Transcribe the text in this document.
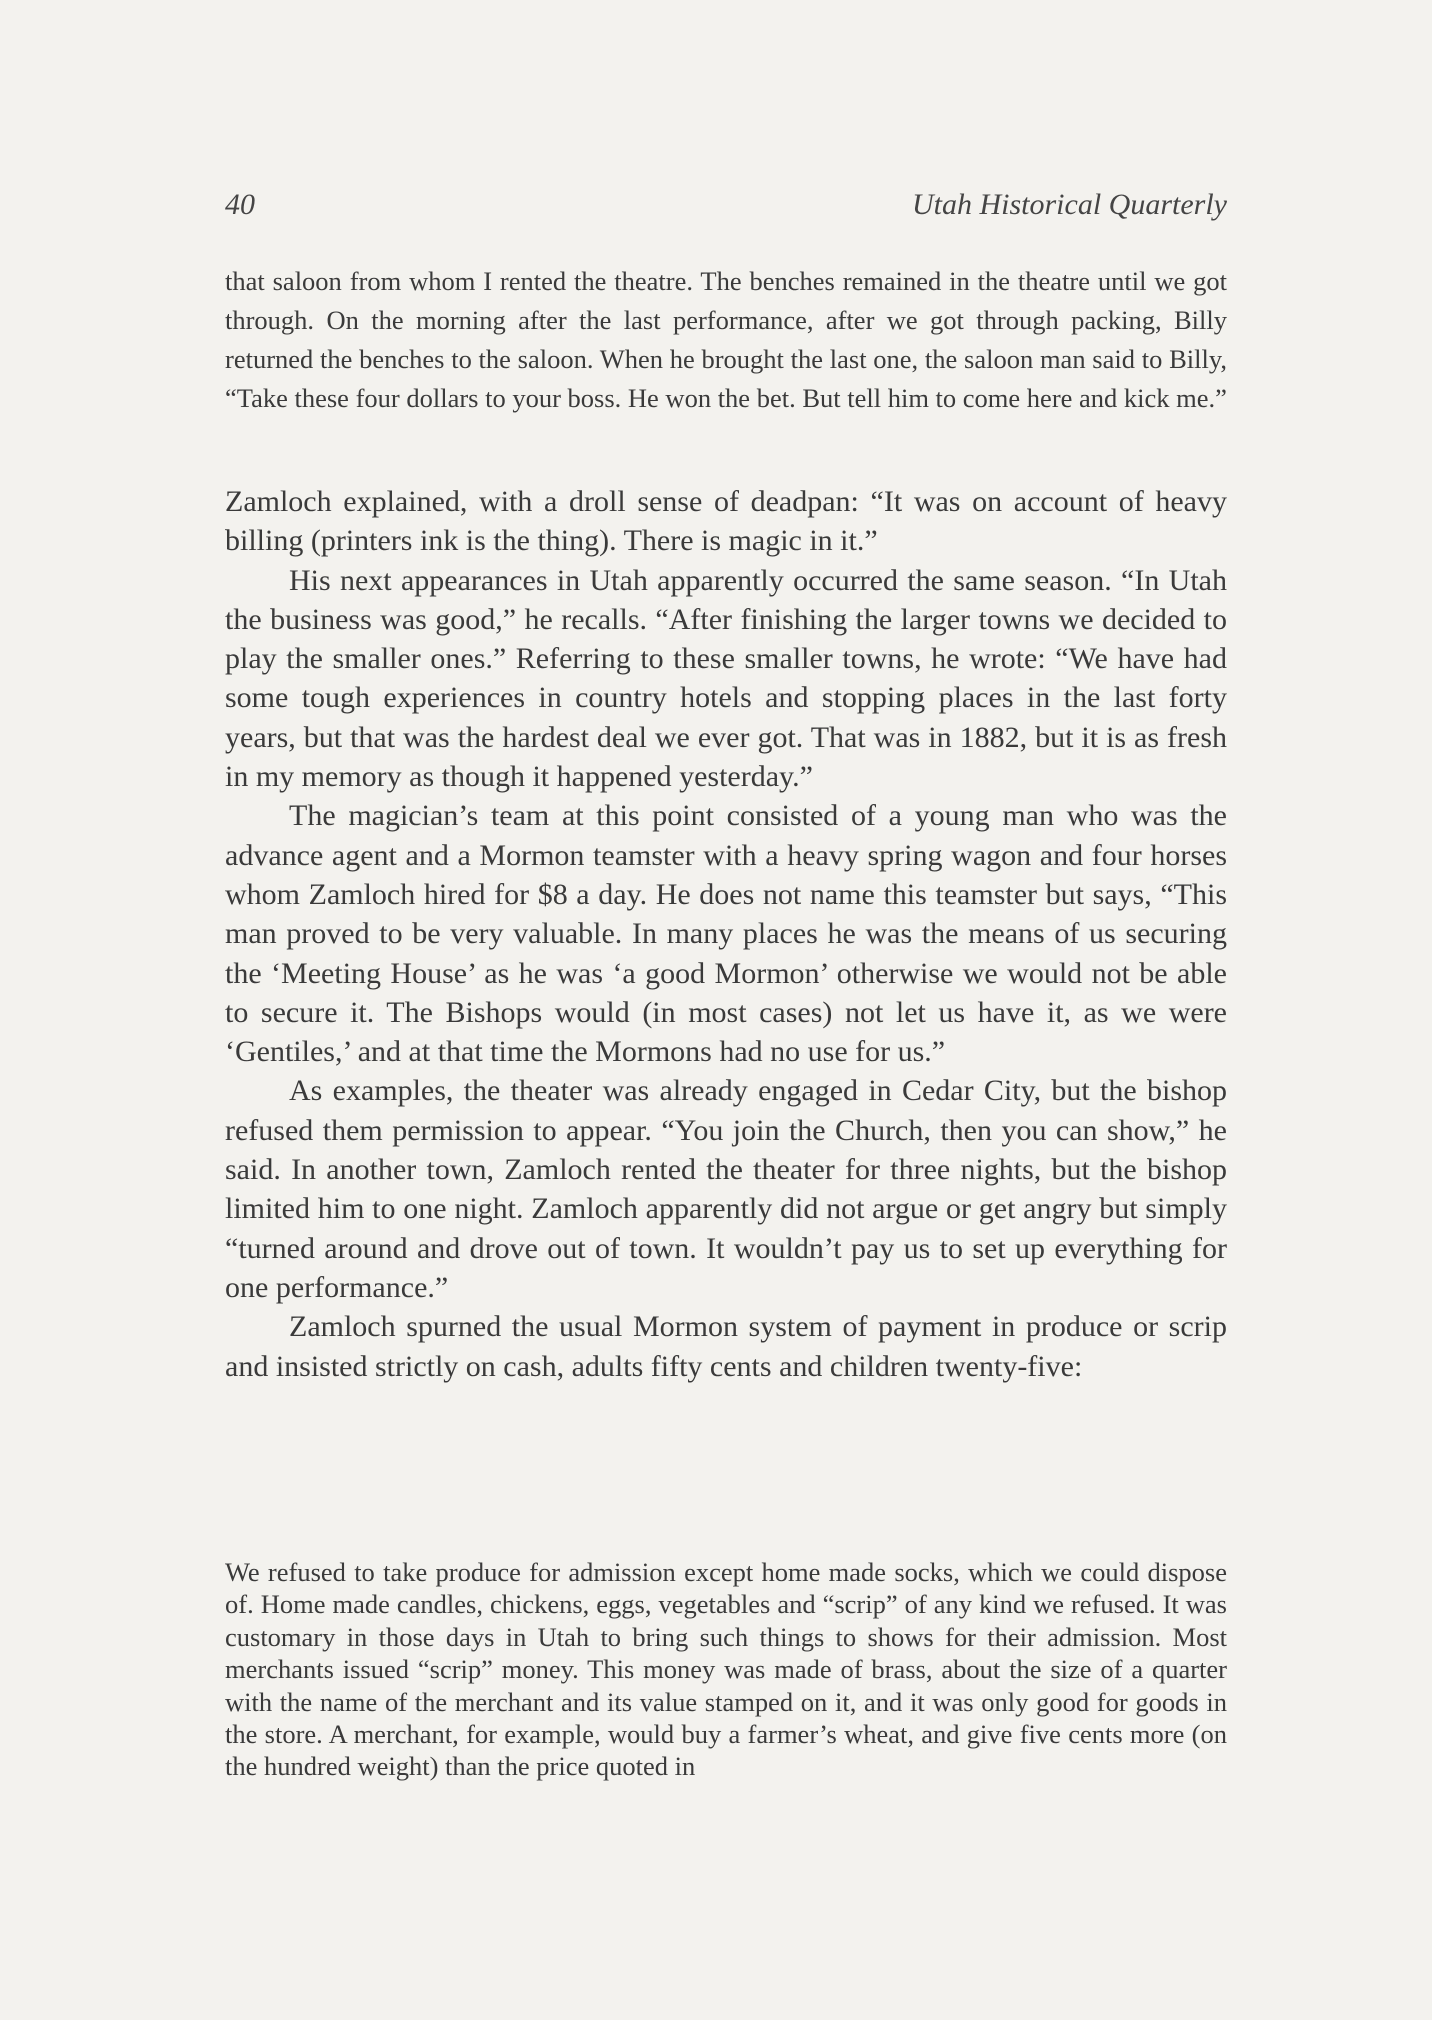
40	Utah Historical Quarterly

that saloon from whom I rented the theatre. The benches remained in the theatre until we got through. On the morning after the last performance, after we got through packing, Billy returned the benches to the saloon. When he brought the last one, the saloon man said to Billy, “Take these four dollars to your boss. He won the bet. But tell him to come here and kick me.”

Zamloch explained, with a droll sense of deadpan: “It was on account of heavy billing (printers ink is the thing). There is magic in it.”

His next appearances in Utah apparently occurred the same season. “In Utah the business was good,” he recalls. “After finishing the larger towns we decided to play the smaller ones.” Referring to these smaller towns, he wrote: “We have had some tough experiences in country hotels and stopping places in the last forty years, but that was the hardest deal we ever got. That was in 1882, but it is as fresh in my memory as though it happened yesterday.”

The magician’s team at this point consisted of a young man who was the advance agent and a Mormon teamster with a heavy spring wagon and four horses whom Zamloch hired for $8 a day. He does not name this teamster but says, “This man proved to be very valuable. In many places he was the means of us securing the ‘Meeting House’ as he was ‘a good Mormon’ otherwise we would not be able to secure it. The Bishops would (in most cases) not let us have it, as we were ‘Gentiles,’ and at that time the Mormons had no use for us.”

As examples, the theater was already engaged in Cedar City, but the bishop refused them permission to appear. “You join the Church, then you can show,” he said. In another town, Zamloch rented the theater for three nights, but the bishop limited him to one night. Zamloch apparently did not argue or get angry but simply “turned around and drove out of town. It wouldn’t pay us to set up everything for one performance.”

Zamloch spurned the usual Mormon system of payment in produce or scrip and insisted strictly on cash, adults fifty cents and children twenty-five:

We refused to take produce for admission except home made socks, which we could dispose of. Home made candles, chickens, eggs, vegetables and “scrip” of any kind we refused. It was customary in those days in Utah to bring such things to shows for their admission. Most merchants issued “scrip” money. This money was made of brass, about the size of a quarter with the name of the merchant and its value stamped on it, and it was only good for goods in the store. A merchant, for example, would buy a farmer’s wheat, and give five cents more (on the hundred weight) than the price quoted in
